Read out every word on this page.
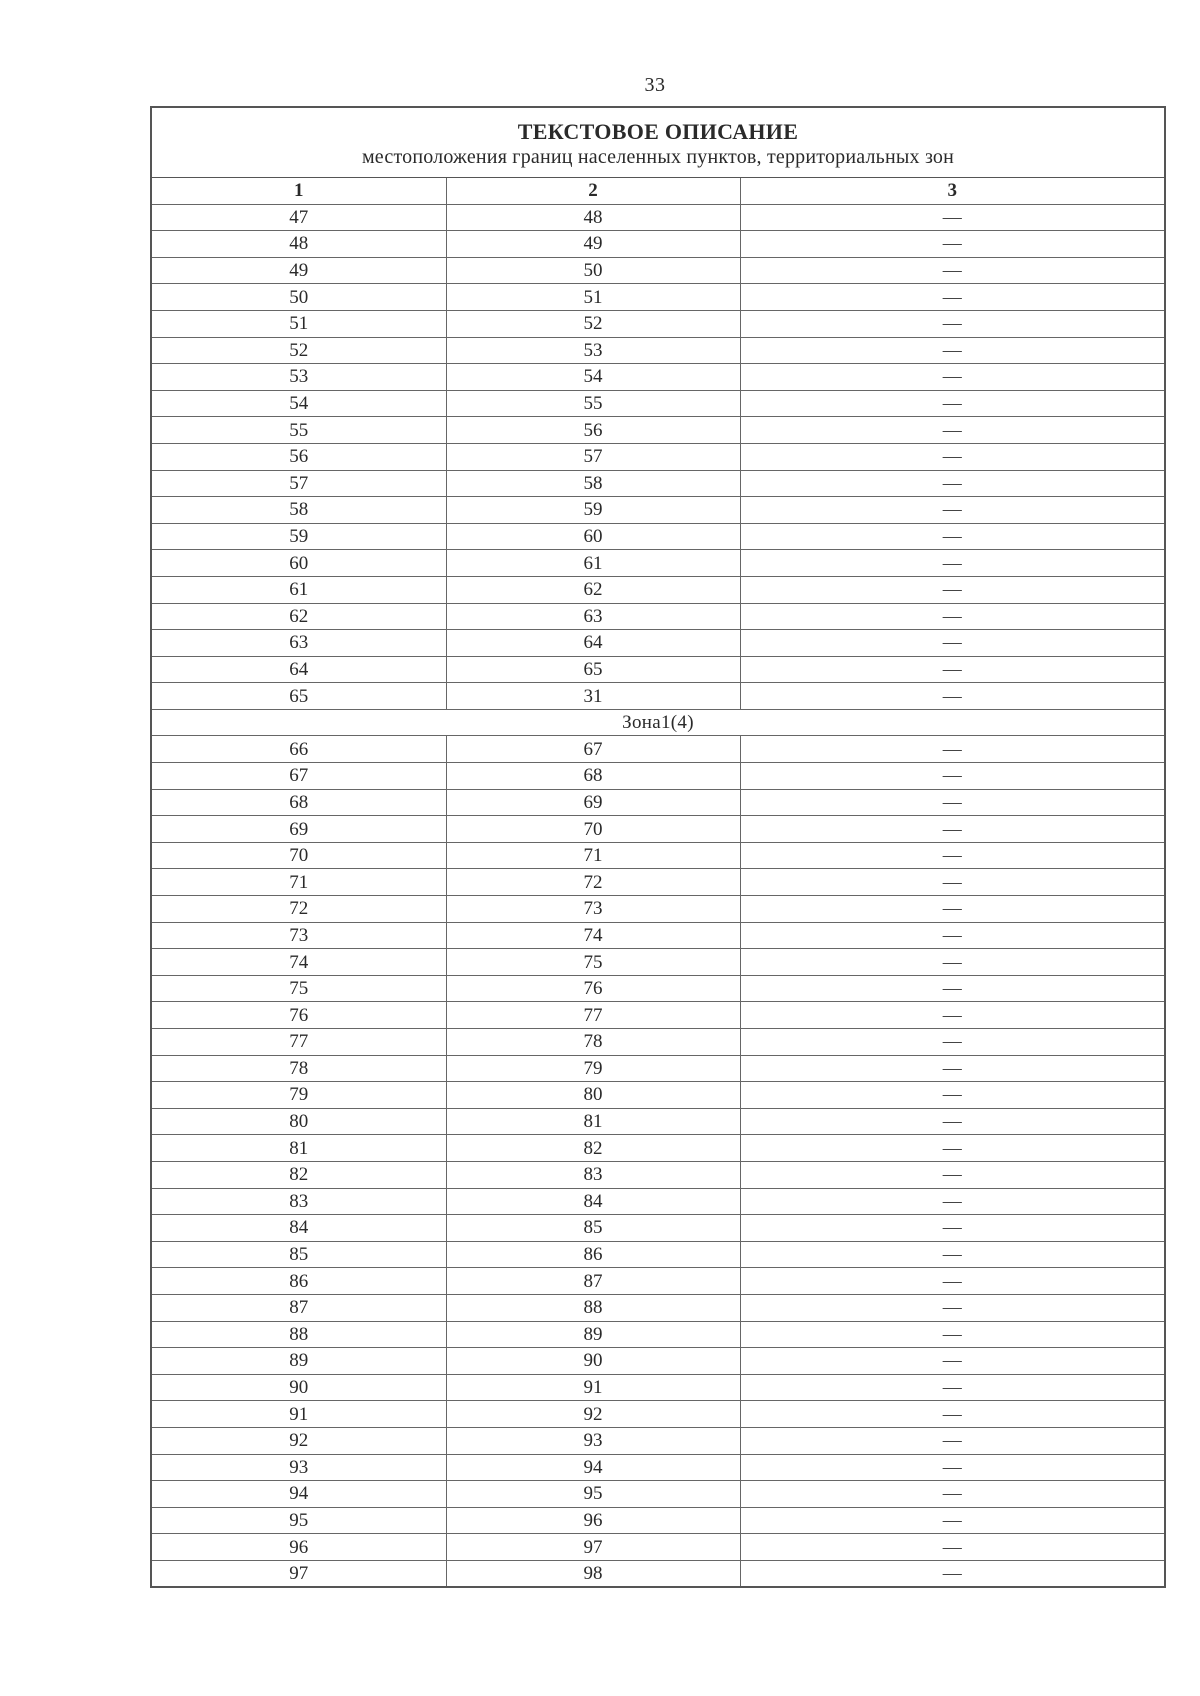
33
ТЕКСТОВОЕ ОПИСАНИЕ
местоположения границ населенных пунктов, территориальных зон
1	2	3
47	48	—
48	49	—
49	50	—
50	51	—
51	52	—
52	53	—
53	54	—
54	55	—
55	56	—
56	57	—
57	58	—
58	59	—
59	60	—
60	61	—
61	62	—
62	63	—
63	64	—
64	65	—
65	31	—
Зона1(4)		
66	67	—
67	68	—
68	69	—
69	70	—
70	71	—
71	72	—
72	73	—
73	74	—
74	75	—
75	76	—
76	77	—
77	78	—
78	79	—
79	80	—
80	81	—
81	82	—
82	83	—
83	84	—
84	85	—
85	86	—
86	87	—
87	88	—
88	89	—
89	90	—
90	91	—
91	92	—
92	93	—
93	94	—
94	95	—
95	96	—
96	97	—
97	98	—
